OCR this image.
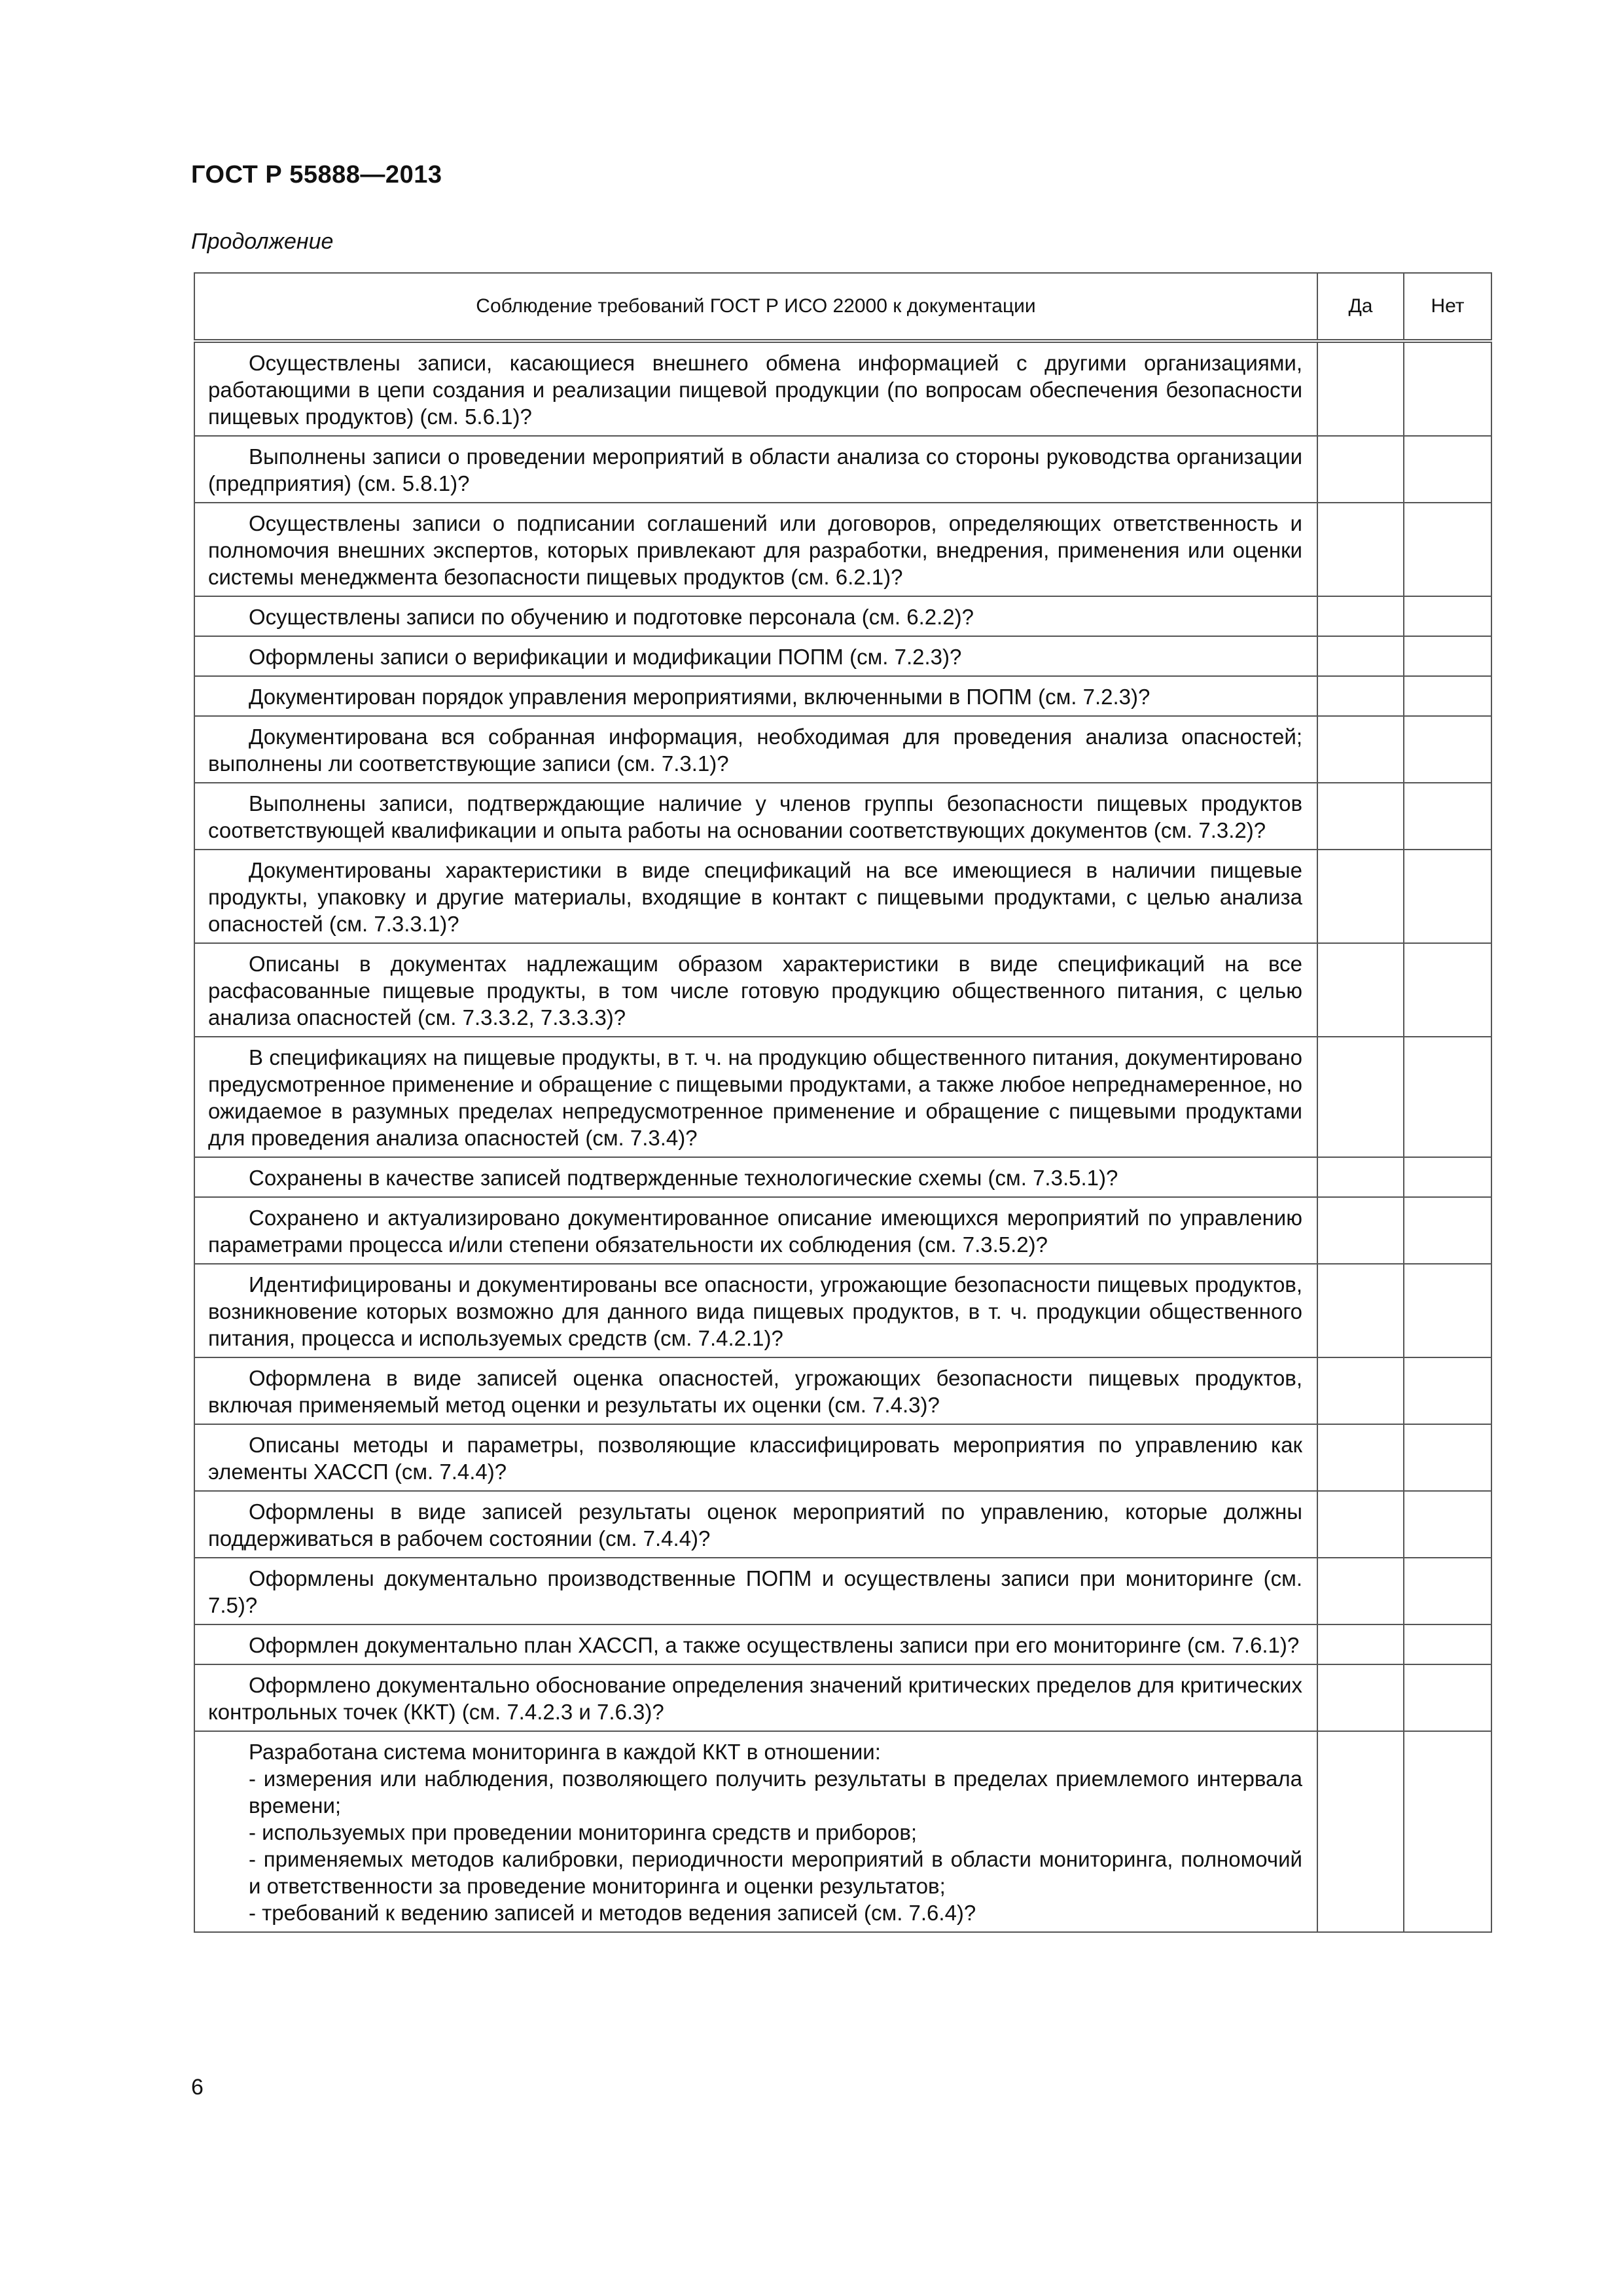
ГОСТ Р 55888—2013
Продолжение
Соблюдение требований ГОСТ Р ИСО 22000 к документации	Да	Нет

Осуществлены записи, касающиеся внешнего обмена информацией с другими организациями, работающими в цепи создания и реализации пищевой продукции (по вопросам обеспечения безопасности пищевых продуктов) (см. 5.6.1)?		

Выполнены записи о проведении мероприятий в области анализа со стороны руководства организации (предприятия) (см. 5.8.1)?		

Осуществлены записи о подписании соглашений или договоров, определяющих ответственность и полномочия внешних экспертов, которых привлекают для разработки, внедрения, применения или оценки системы менеджмента безопасности пищевых продуктов (см. 6.2.1)?		

Осуществлены записи по обучению и подготовке персонала (см. 6.2.2)?		

Оформлены записи о верификации и модификации ПОПМ (см. 7.2.3)?		

Документирован порядок управления мероприятиями, включенными в ПОПМ (см. 7.2.3)?		

Документирована вся собранная информация, необходимая для проведения анализа опасностей; выполнены ли соответствующие записи (см. 7.3.1)?		

Выполнены записи, подтверждающие наличие у членов группы безопасности пищевых продуктов соответствующей квалификации и опыта работы на основании соответствующих документов (см. 7.3.2)?		

Документированы характеристики в виде спецификаций на все имеющиеся в наличии пищевые продукты, упаковку и другие материалы, входящие в контакт с пищевыми продуктами, с целью анализа опасностей (см. 7.3.3.1)?		

Описаны в документах надлежащим образом характеристики в виде спецификаций на все расфасованные пищевые продукты, в том числе готовую продукцию общественного питания, с целью анализа опасностей (см. 7.3.3.2, 7.3.3.3)?		

В спецификациях на пищевые продукты, в т. ч. на продукцию общественного питания, документировано предусмотренное применение и обращение с пищевыми продуктами, а также любое непреднамеренное, но ожидаемое в разумных пределах непредусмотренное применение и обращение с пищевыми продуктами для проведения анализа опасностей (см. 7.3.4)?		

Сохранены в качестве записей подтвержденные технологические схемы (см. 7.3.5.1)?		

Сохранено и актуализировано документированное описание имеющихся мероприятий по управлению параметрами процесса и/или степени обязательности их соблюдения (см. 7.3.5.2)?		

Идентифицированы и документированы все опасности, угрожающие безопасности пищевых продуктов, возникновение которых возможно для данного вида пищевых продуктов, в т. ч. продукции общественного питания, процесса и используемых средств (см. 7.4.2.1)?		

Оформлена в виде записей оценка опасностей, угрожающих безопасности пищевых продуктов, включая применяемый метод оценки и результаты их оценки (см. 7.4.3)?		

Описаны методы и параметры, позволяющие классифицировать мероприятия по управлению как элементы ХАССП (см. 7.4.4)?		

Оформлены в виде записей результаты оценок мероприятий по управлению, которые должны поддерживаться в рабочем состоянии (см. 7.4.4)?		

Оформлены документально производственные ПОПМ и осуществлены записи при мониторинге (см. 7.5)?		

Оформлен документально план ХАССП, а также осуществлены записи при его мониторинге (см. 7.6.1)?		

Оформлено документально обоснование определения значений критических пределов для критических контрольных точек (ККТ) (см. 7.4.2.3 и 7.6.3)?		

Разработана система мониторинга в каждой ККТ в отношении:
- измерения или наблюдения, позволяющего получить результаты в пределах приемлемого интервала времени;
- используемых при проведении мониторинга средств и приборов;
- применяемых методов калибровки, периодичности мероприятий в области мониторинга, полномочий и ответственности за проведение мониторинга и оценки результатов;
- требований к ведению записей и методов ведения записей (см. 7.6.4)?		

6
